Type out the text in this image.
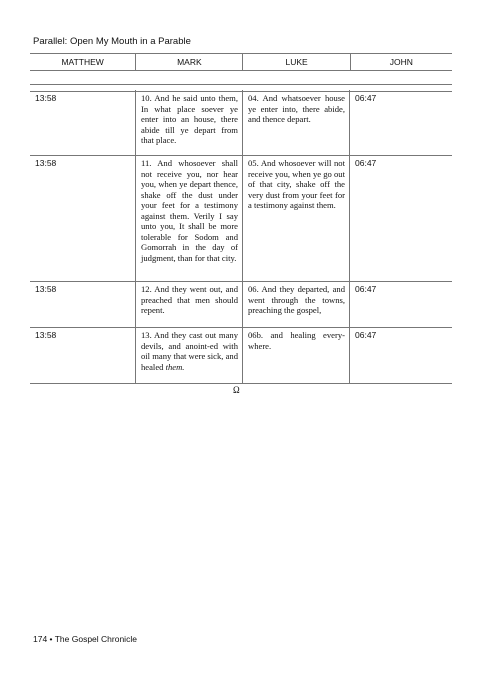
Parallel: Open My Mouth in a Parable
MATTHEW	MARK	LUKE	JOHN
13:58	10. And he said unto them, In what place soever ye enter into an house, there abide till ye depart from that place.
04. And whatsoever house ye enter into, there abide, and thence depart.
06:47
13:58	11. And whosoever shall not receive you, nor hear you, when ye depart thence, shake off the dust under your feet for a testimony against them. Verily I say unto you, It shall be more tolerable for Sodom and Gomorrah in the day of judgment, than for that city.
05. And whosoever will not receive you, when ye go out of that city, shake off the very dust from your feet for a testimony against them.
06:47
13:58	12. And they went out, and preached that men should repent.
06. And they departed, and went through the towns, preaching the gospel,
06:47
13:58	13. And they cast out many devils, and anoint-ed with oil many that were sick, and healed them.
06b. and healing every-where.
06:47
Ω
174 • The Gospel Chronicle
